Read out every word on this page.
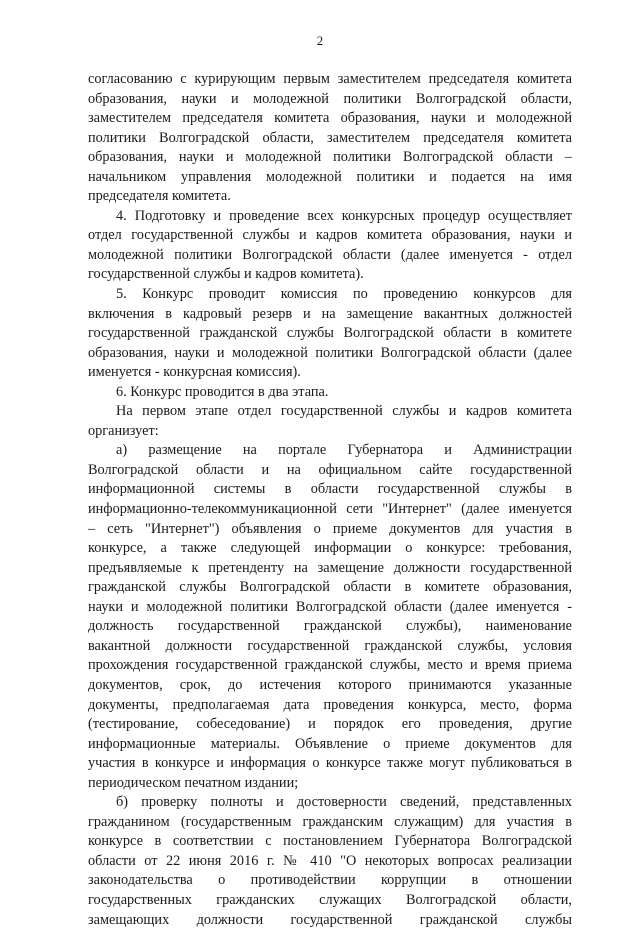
2
согласованию с курирующим первым заместителем председателя комитета
образования, науки и молодежной политики Волгоградской области,
заместителем председателя комитета образования, науки и молодежной
политики Волгоградской области, заместителем председателя комитета
образования, науки и молодежной политики Волгоградской области –
начальником управления молодежной политики и подается на имя
председателя комитета.
4. Подготовку и проведение всех конкурсных процедур осуществляет
отдел государственной службы и кадров комитета образования, науки и
молодежной политики Волгоградской области (далее именуется - отдел
государственной службы и кадров комитета).
5. Конкурс проводит комиссия по проведению конкурсов для
включения в кадровый резерв и на замещение вакантных должностей
государственной гражданской службы Волгоградской области в комитете
образования, науки и молодежной политики Волгоградской области (далее
именуется - конкурсная комиссия).
6. Конкурс проводится в два этапа.
На первом этапе отдел государственной службы и кадров комитета
организует:
а) размещение на портале Губернатора и Администрации
Волгоградской области и на официальном сайте государственной
информационной системы в области государственной службы в
информационно-телекоммуникационной сети "Интернет" (далее именуется
– сеть "Интернет") объявления о приеме документов для участия в
конкурсе, а также следующей информации о конкурсе: требования,
предъявляемые к претенденту на замещение должности государственной
гражданской службы Волгоградской области в комитете образования,
науки и молодежной политики Волгоградской области (далее именуется -
должность государственной гражданской службы), наименование
вакантной должности государственной гражданской службы, условия
прохождения государственной гражданской службы, место и время приема
документов, срок, до истечения которого принимаются указанные
документы, предполагаемая дата проведения конкурса, место, форма
(тестирование, собеседование) и порядок его проведения, другие
информационные материалы. Объявление о приеме документов для
участия в конкурсе и информация о конкурсе также могут публиковаться в
периодическом печатном издании;
б) проверку полноты и достоверности сведений, представленных
гражданином (государственным гражданским служащим) для участия в
конкурсе в соответствии с постановлением Губернатора Волгоградской
области от 22 июня 2016 г. № 410 "О некоторых вопросах реализации
законодательства о противодействии коррупции в отношении
государственных гражданских служащих Волгоградской области,
замещающих должности государственной гражданской службы
